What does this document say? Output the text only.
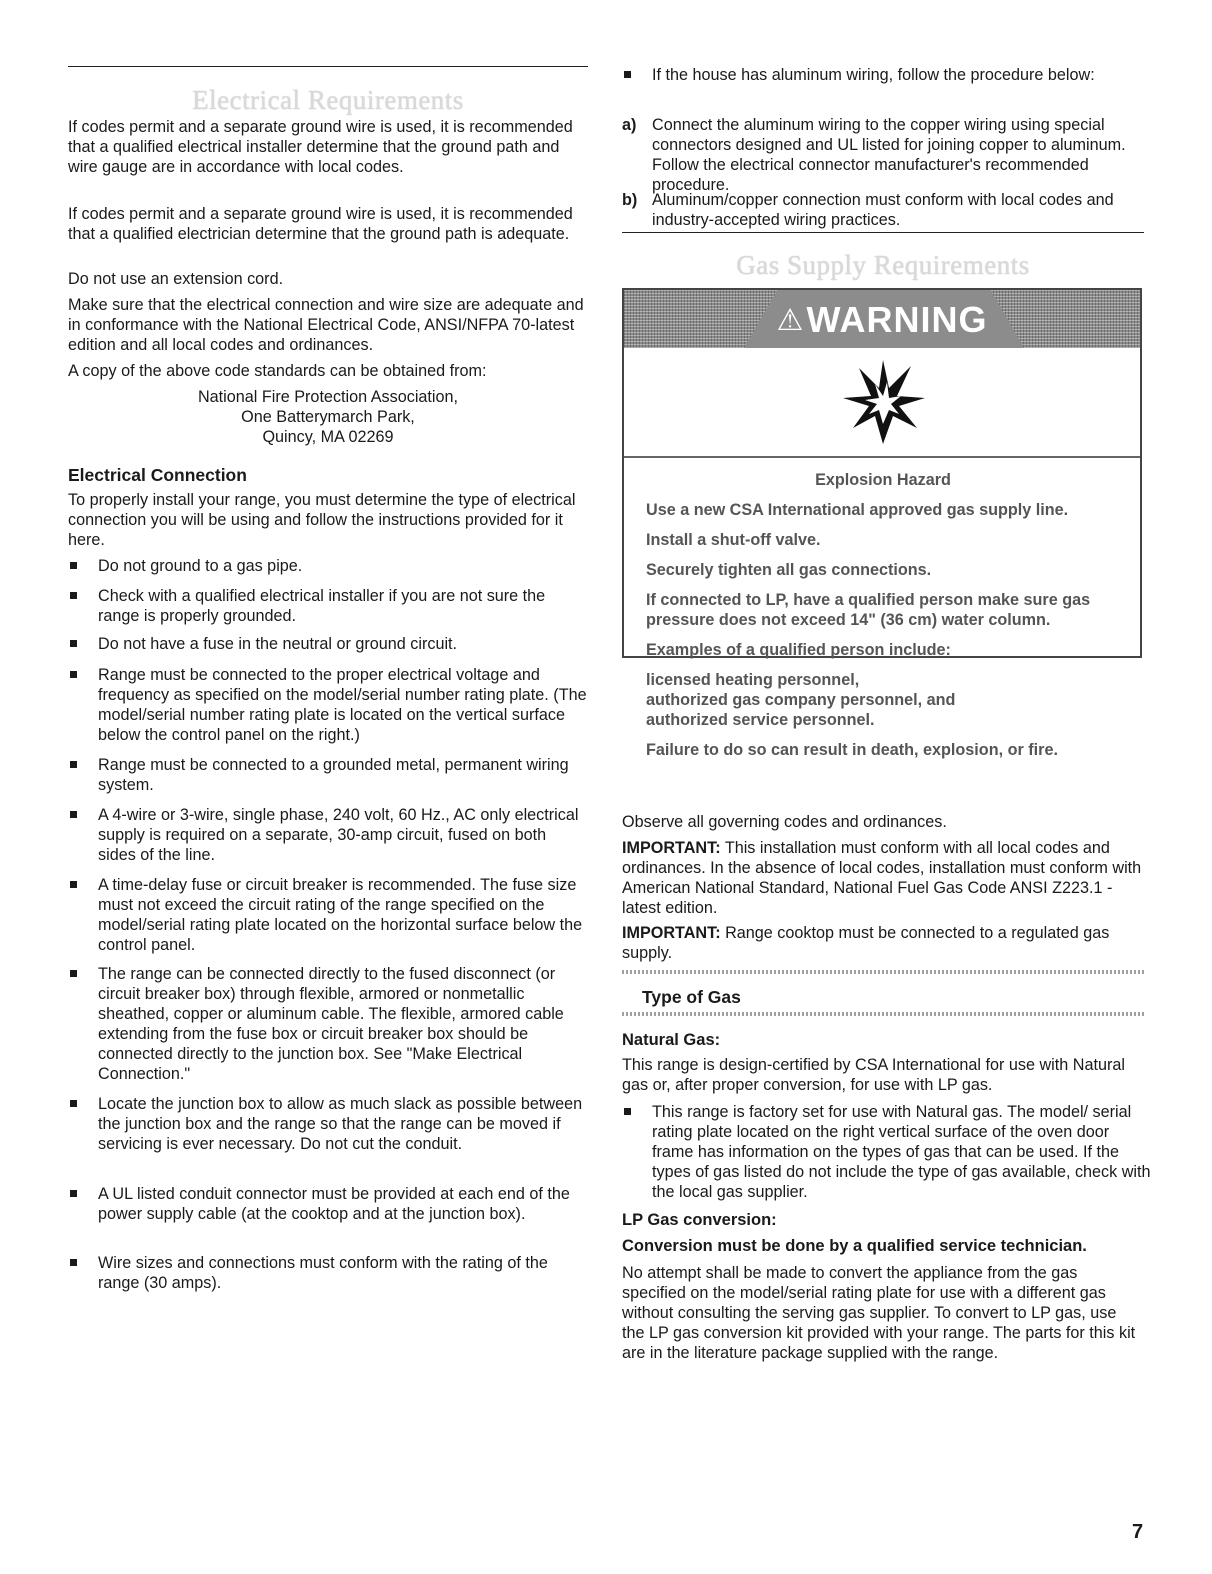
Electrical Requirements

If codes permit and a separate ground wire is used, it is recommended that a qualified electrical installer determine that the ground path and wire gauge are in accordance with local codes.

If codes permit and a separate ground wire is used, it is recommended that a qualified electrician determine that the ground path is adequate.

Do not use an extension cord.

Make sure that the electrical connection and wire size are adequate and in conformance with the National Electrical Code, ANSI/NFPA 70-latest edition and all local codes and ordinances.

A copy of the above code standards can be obtained from:

National Fire Protection Association,
One Batterymarch Park,
Quincy, MA 02269
Electrical Connection

To properly install your range, you must determine the type of electrical connection you will be using and follow the instructions provided for it here.

Do not ground to a gas pipe.
Check with a qualified electrical installer if you are not sure the range is properly grounded.
Do not have a fuse in the neutral or ground circuit.
Range must be connected to the proper electrical voltage and frequency as specified on the model/serial number rating plate. (The model/serial number rating plate is located on the vertical surface below the control panel on the right.)
Range must be connected to a grounded metal, permanent wiring system.
A 4-wire or 3-wire, single phase, 240 volt, 60 Hz., AC only electrical supply is required on a separate, 30-amp circuit, fused on both sides of the line.
A time-delay fuse or circuit breaker is recommended. The fuse size must not exceed the circuit rating of the range specified on the model/serial rating plate located on the horizontal surface below the control panel.
The range can be connected directly to the fused disconnect (or circuit breaker box) through flexible, armored or nonmetallic sheathed, copper or aluminum cable. The flexible, armored cable extending from the fuse box or circuit breaker box should be connected directly to the junction box. See "Make Electrical Connection."
Locate the junction box to allow as much slack as possible between the junction box and the range so that the range can be moved if servicing is ever necessary. Do not cut the conduit.
A UL listed conduit connector must be provided at each end of the power supply cable (at the cooktop and at the junction box).
Wire sizes and connections must conform with the rating of the range (30 amps).
If the house has aluminum wiring, follow the procedure below:
a) Connect the aluminum wiring to the copper wiring using special connectors designed and UL listed for joining copper to aluminum. Follow the electrical connector manufacturer's recommended procedure.
b) Aluminum/copper connection must conform with local codes and industry-accepted wiring practices.
Gas Supply Requirements
⚠WARNING
Explosion Hazard
Use a new CSA International approved gas supply line.
Install a shut-off valve.
Securely tighten all gas connections.
If connected to LP, have a qualified person make sure gas pressure does not exceed 14" (36 cm) water column.
Examples of a qualified person include:
licensed heating personnel,
authorized gas company personnel, and
authorized service personnel.
Failure to do so can result in death, explosion, or fire.

Observe all governing codes and ordinances.

IMPORTANT: This installation must conform with all local codes and ordinances. In the absence of local codes, installation must conform with American National Standard, National Fuel Gas Code ANSI Z223.1 - latest edition.

IMPORTANT: Range cooktop must be connected to a regulated gas supply.

Type of Gas
Natural Gas:

This range is design-certified by CSA International for use with Natural gas or, after proper conversion, for use with LP gas.

This range is factory set for use with Natural gas. The model/ serial rating plate located on the right vertical surface of the oven door frame has information on the types of gas that can be used. If the types of gas listed do not include the type of gas available, check with the local gas supplier.
LP Gas conversion:
Conversion must be done by a qualified service technician.

No attempt shall be made to convert the appliance from the gas specified on the model/serial rating plate for use with a different gas without consulting the serving gas supplier. To convert to LP gas, use the LP gas conversion kit provided with your range. The parts for this kit are in the literature package supplied with the range.

7
